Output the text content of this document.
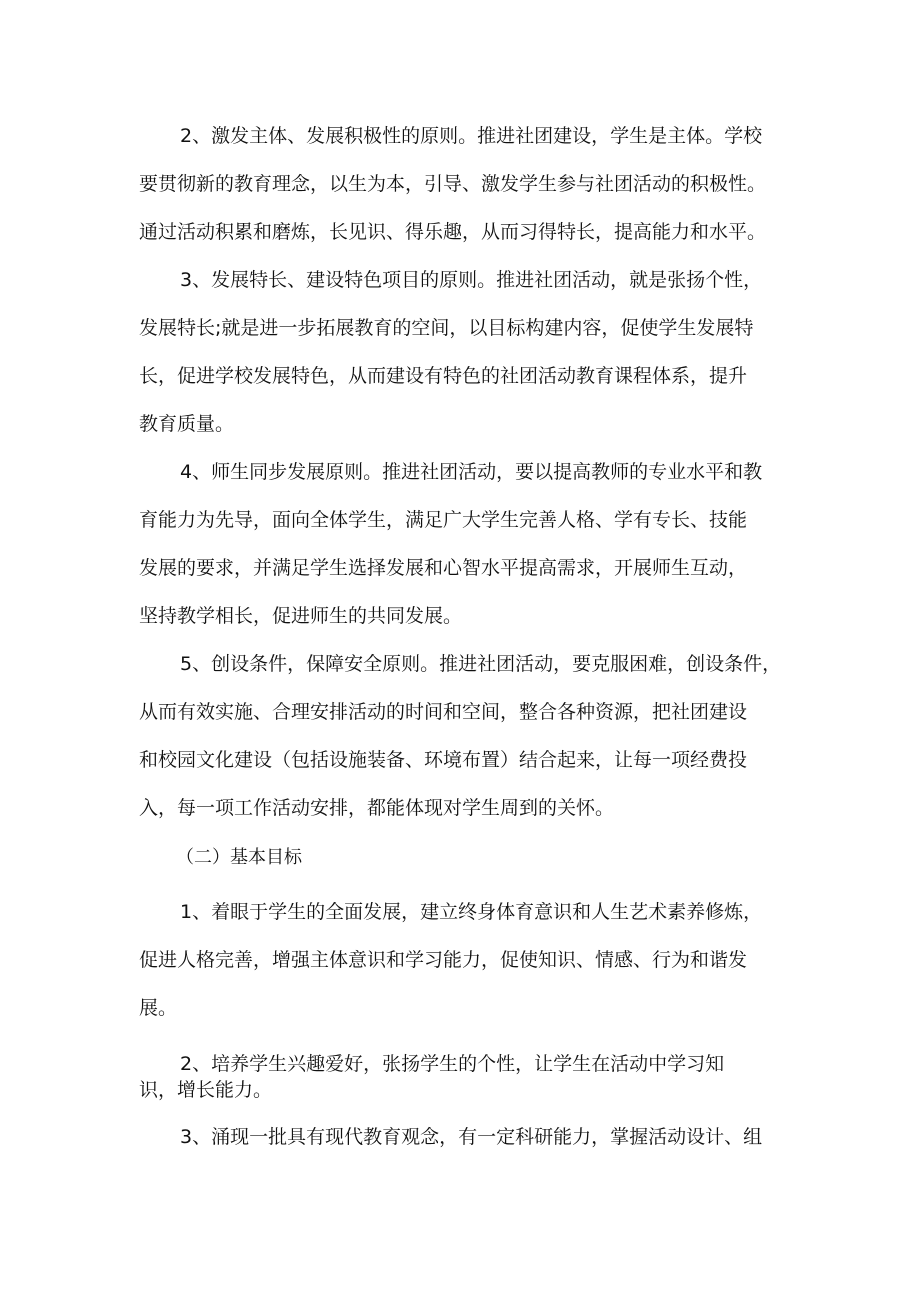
2、激发主体、发展积极性的原则。推进社团建设，学生是主体。学校
要贯彻新的教育理念，以生为本，引导、激发学生参与社团活动的积极性。
通过活动积累和磨炼，长见识、得乐趣，从而习得特长，提高能力和水平。
3、发展特长、建设特色项目的原则。推进社团活动，就是张扬个性，
发展特长;就是进一步拓展教育的空间，以目标构建内容，促使学生发展特
长，促进学校发展特色，从而建设有特色的社团活动教育课程体系，提升
教育质量。
4、师生同步发展原则。推进社团活动，要以提高教师的专业水平和教
育能力为先导，面向全体学生，满足广大学生完善人格、学有专长、技能
发展的要求，并满足学生选择发展和心智水平提高需求，开展师生互动，
坚持教学相长，促进师生的共同发展。
5、创设条件，保障安全原则。推进社团活动，要克服困难，创设条件，
从而有效实施、合理安排活动的时间和空间，整合各种资源，把社团建设
和校园文化建设（包括设施装备、环境布置）结合起来，让每一项经费投
入，每一项工作活动安排，都能体现对学生周到的关怀。
（二）基本目标
1、着眼于学生的全面发展，建立终身体育意识和人生艺术素养修炼，
促进人格完善，增强主体意识和学习能力，促使知识、情感、行为和谐发
展。
2、培养学生兴趣爱好，张扬学生的个性，让学生在活动中学习知
识，增长能力。
3、涌现一批具有现代教育观念，有一定科研能力，掌握活动设计、组
